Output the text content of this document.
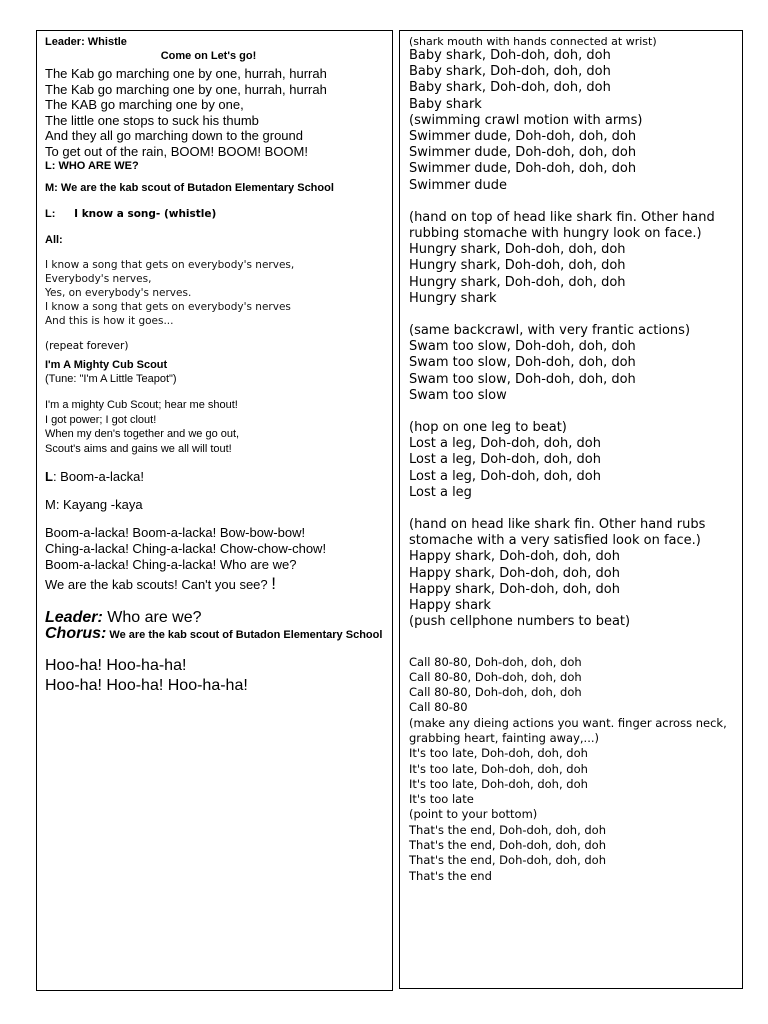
Leader: Whistle
Come on Let's go!
The Kab go marching one by one, hurrah, hurrah
The Kab go marching one by one, hurrah, hurrah
The KAB go marching one by one,
The little one stops to suck his thumb
And they all go marching down to the ground
To get out of the rain, BOOM! BOOM! BOOM!
L: WHO ARE WE?
M: We are the kab scout of Butadon Elementary School
L: I know a song- (whistle)
All:
I know a song that gets on everybody's nerves,
Everybody's nerves,
Yes, on everybody's nerves.
I know a song that gets on everybody's nerves
And this is how it goes...
(repeat forever)
I'm A Mighty Cub Scout
(Tune: "I'm A Little Teapot")
I'm a mighty Cub Scout; hear me shout!
I got power; I got clout!
When my den's together and we go out,
Scout's aims and gains we all will tout!
L: Boom-a-lacka!
M: Kayang -kaya
Boom-a-lacka! Boom-a-lacka! Bow-bow-bow!
Ching-a-lacka! Ching-a-lacka! Chow-chow-chow!
Boom-a-lacka! Ching-a-lacka! Who are we?
We are the kab scouts! Can't you see? !
Leader: Who are we?
Chorus: We are the kab scout of Butadon Elementary School
Hoo-ha! Hoo-ha-ha!
Hoo-ha! Hoo-ha! Hoo-ha-ha!
(shark mouth with hands connected at wrist)
Baby shark, Doh-doh, doh, doh
Baby shark, Doh-doh, doh, doh
Baby shark, Doh-doh, doh, doh
Baby shark
(swimming crawl motion with arms)
Swimmer dude, Doh-doh, doh, doh
Swimmer dude, Doh-doh, doh, doh
Swimmer dude, Doh-doh, doh, doh
Swimmer dude
(hand on top of head like shark fin. Other hand rubbing stomache with hungry look on face.)
Hungry shark, Doh-doh, doh, doh
Hungry shark, Doh-doh, doh, doh
Hungry shark, Doh-doh, doh, doh
Hungry shark
(same backcrawl, with very frantic actions)
Swam too slow, Doh-doh, doh, doh
Swam too slow, Doh-doh, doh, doh
Swam too slow, Doh-doh, doh, doh
Swam too slow
(hop on one leg to beat)
Lost a leg, Doh-doh, doh, doh
Lost a leg, Doh-doh, doh, doh
Lost a leg, Doh-doh, doh, doh
Lost a leg
(hand on head like shark fin. Other hand rubs stomache with a very satisfied look on face.)
Happy shark, Doh-doh, doh, doh
Happy shark, Doh-doh, doh, doh
Happy shark, Doh-doh, doh, doh
Happy shark
(push cellphone numbers to beat)
Call 80-80, Doh-doh, doh, doh
Call 80-80, Doh-doh, doh, doh
Call 80-80, Doh-doh, doh, doh
Call 80-80
(make any dieing actions you want. finger across neck, grabbing heart, fainting away,...)
It's too late, Doh-doh, doh, doh
It's too late, Doh-doh, doh, doh
It's too late, Doh-doh, doh, doh
It's too late
(point to your bottom)
That's the end, Doh-doh, doh, doh
That's the end, Doh-doh, doh, doh
That's the end, Doh-doh, doh, doh
That's the end
